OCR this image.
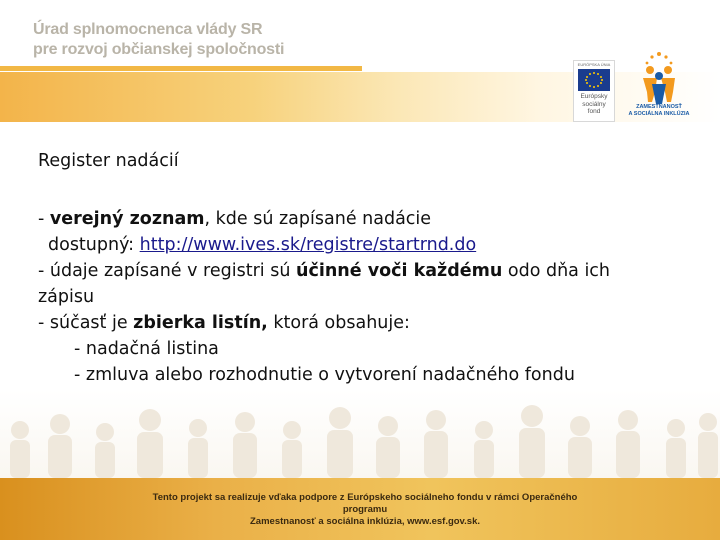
Úrad splnomocnenca vlády SR
pre rozvoj občianskej spoločnosti
EURÓPSKA ÚNIA
Európsky
sociálny
fond
ZAMESTNANOSŤ
A SOCIÁLNA INKLÚZIA
Register nadácií

- verejný zoznam, kde sú zapísané nadácie

dostupný: http://www.ives.sk/registre/startrnd.do

- údaje zapísané v registri sú účinné voči každému odo dňa ich

zápisu

- súčasť je zbierka listín, ktorá obsahuje:

- nadačná listina

- zmluva alebo rozhodnutie o vytvorení nadačného fondu

Tento projekt sa realizuje vďaka podpore z Európskeho sociálneho fondu v rámci Operačného programu
Zamestnanosť a sociálna inklúzia, www.esf.gov.sk.
